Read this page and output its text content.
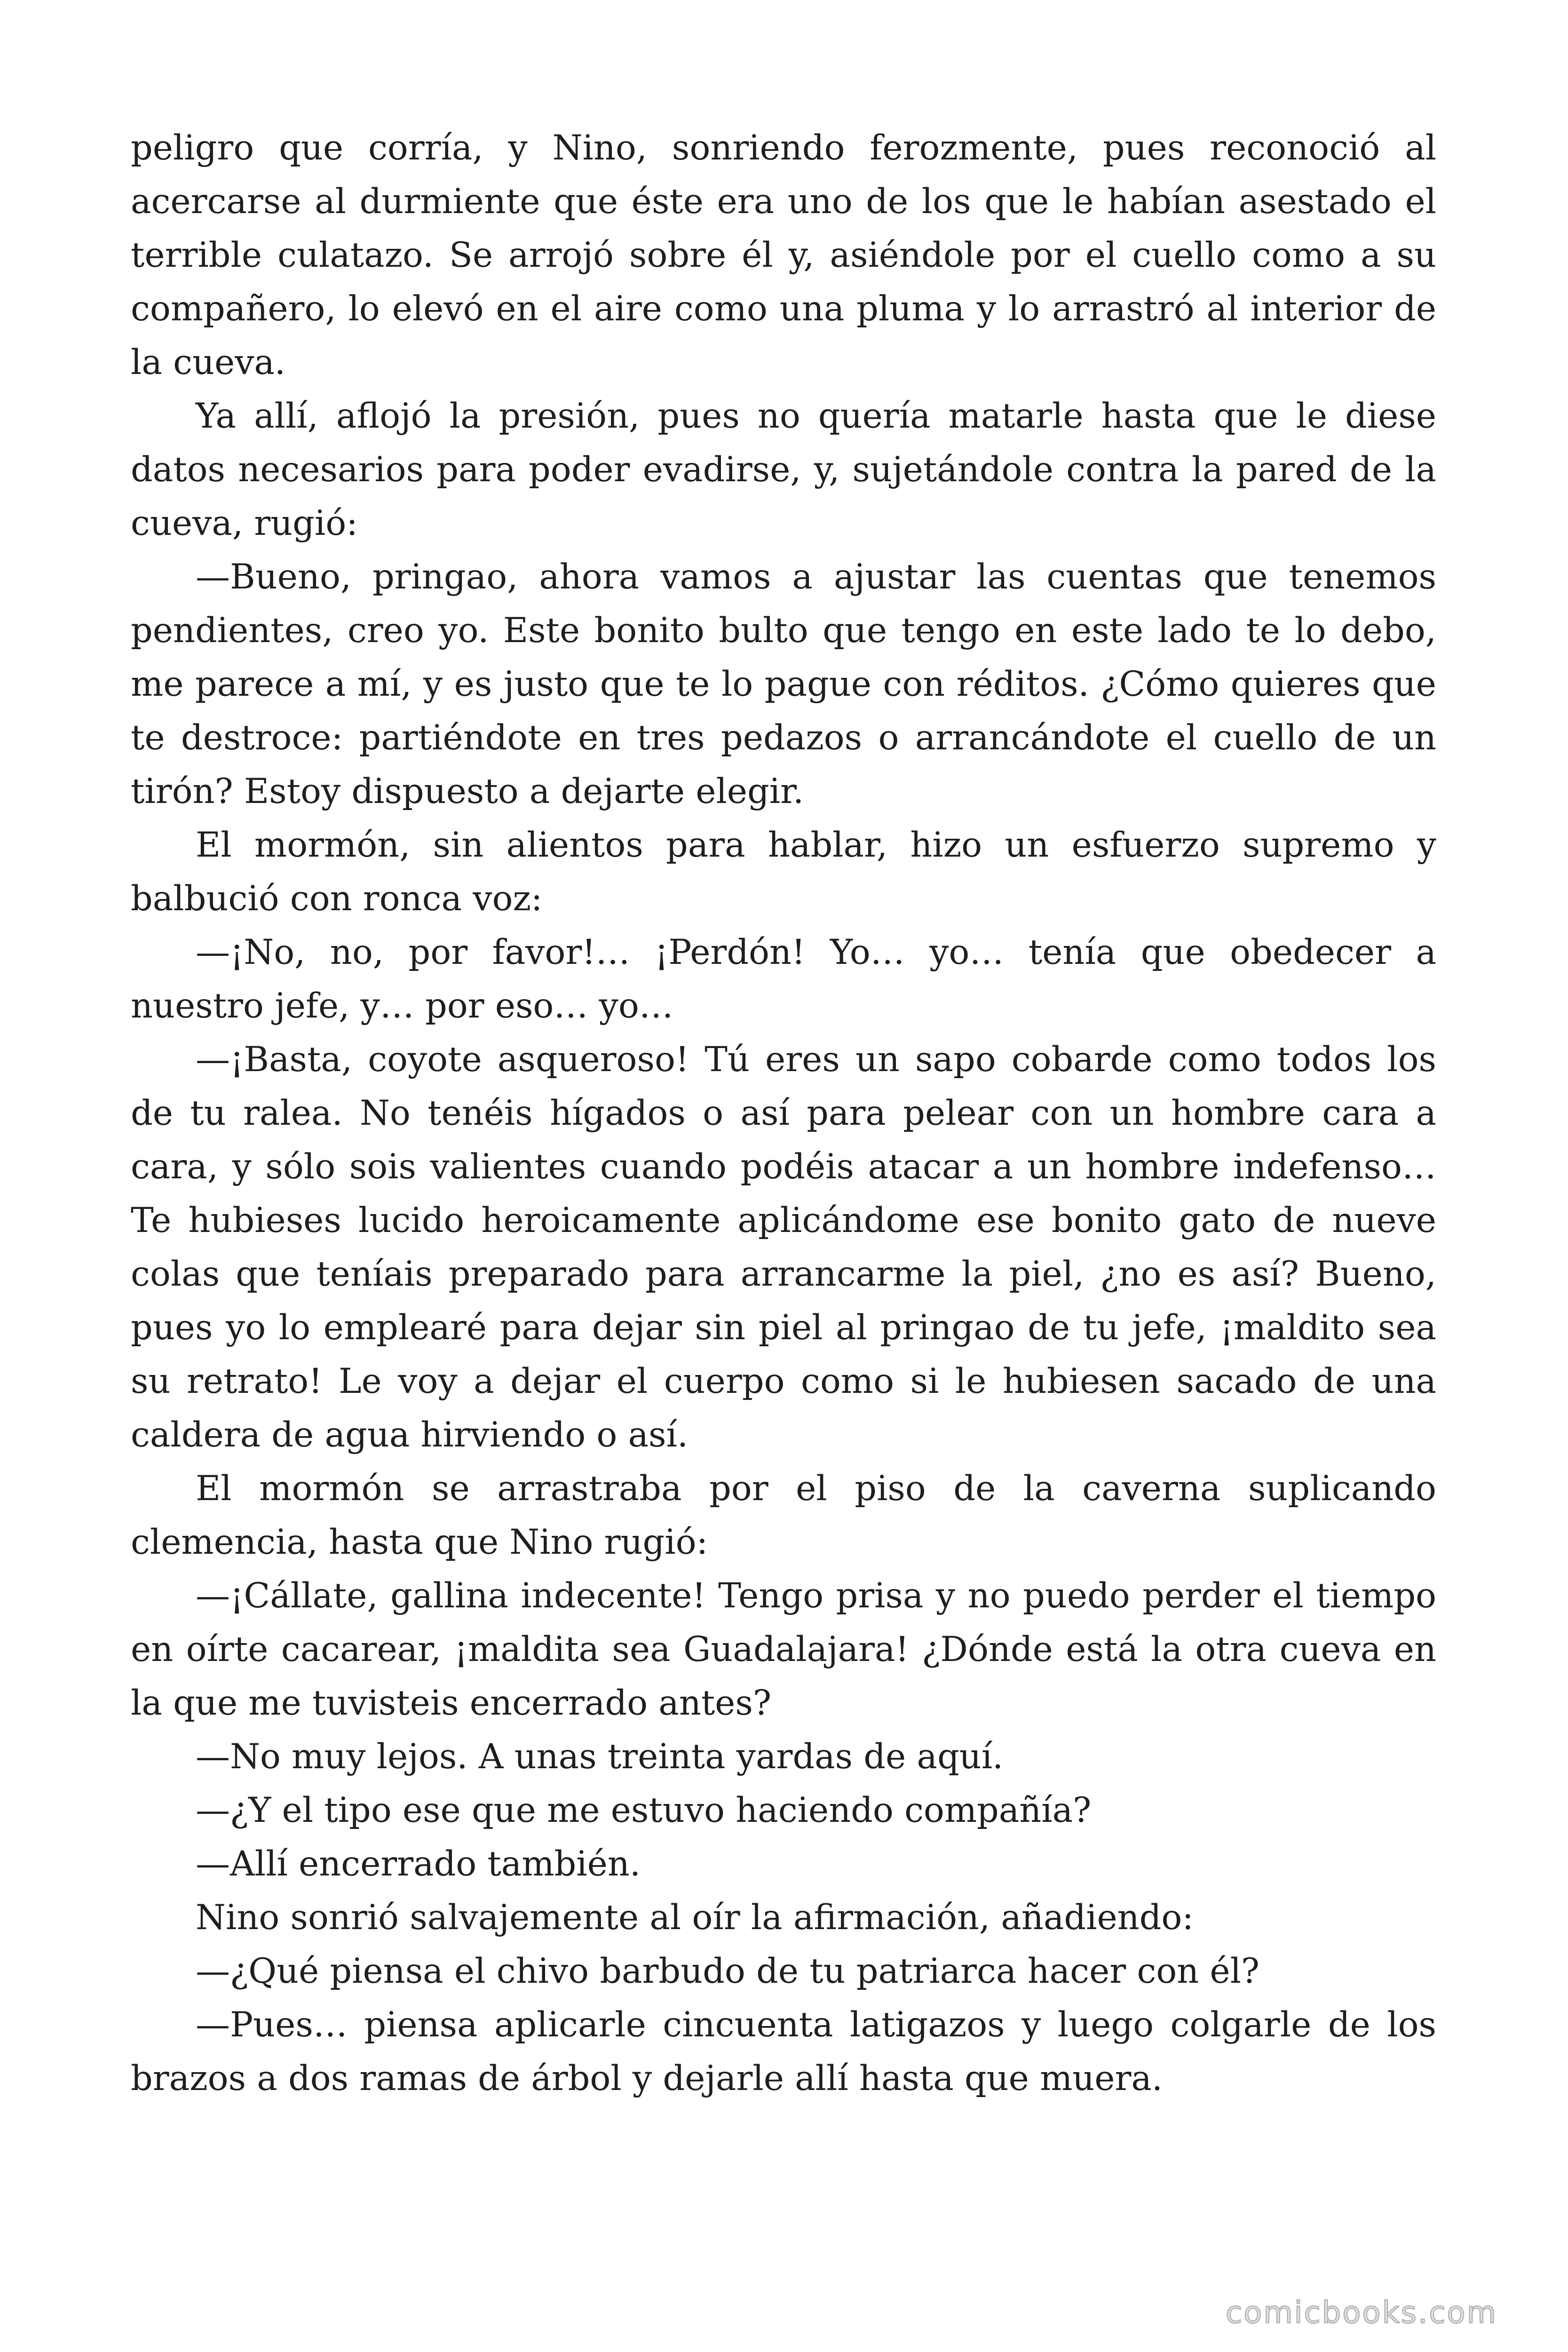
peligro que corría, y Nino, sonriendo ferozmente, pues reconoció al acercarse al durmiente que éste era uno de los que le habían asestado el terrible culatazo. Se arrojó sobre él y, asiéndole por el cuello como a su compañero, lo elevó en el aire como una pluma y lo arrastró al interior de la cueva.

Ya allí, aflojó la presión, pues no quería matarle hasta que le diese datos necesarios para poder evadirse, y, sujetándole contra la pared de la cueva, rugió:

—Bueno, pringao, ahora vamos a ajustar las cuentas que tenemos pendientes, creo yo. Este bonito bulto que tengo en este lado te lo debo, me parece a mí, y es justo que te lo pague con réditos. ¿Cómo quieres que te destroce: partiéndote en tres pedazos o arrancándote el cuello de un tirón? Estoy dispuesto a dejarte elegir.

El mormón, sin alientos para hablar, hizo un esfuerzo supremo y balbució con ronca voz:

—¡No, no, por favor!… ¡Perdón! Yo… yo… tenía que obedecer a nuestro jefe, y… por eso… yo…

—¡Basta, coyote asqueroso! Tú eres un sapo cobarde como todos los de tu ralea. No tenéis hígados o así para pelear con un hombre cara a cara, y sólo sois valientes cuando podéis atacar a un hombre indefenso… Te hubieses lucido heroicamente aplicándome ese bonito gato de nueve colas que teníais preparado para arrancarme la piel, ¿no es así? Bueno, pues yo lo emplearé para dejar sin piel al pringao de tu jefe, ¡maldito sea su retrato! Le voy a dejar el cuerpo como si le hubiesen sacado de una caldera de agua hirviendo o así.

El mormón se arrastraba por el piso de la caverna suplicando clemencia, hasta que Nino rugió:

—¡Cállate, gallina indecente! Tengo prisa y no puedo perder el tiempo en oírte cacarear, ¡maldita sea Guadalajara! ¿Dónde está la otra cueva en la que me tuvisteis encerrado antes?

—No muy lejos. A unas treinta yardas de aquí.

—¿Y el tipo ese que me estuvo haciendo compañía?

—Allí encerrado también.

Nino sonrió salvajemente al oír la afirmación, añadiendo:

—¿Qué piensa el chivo barbudo de tu patriarca hacer con él?

—Pues… piensa aplicarle cincuenta latigazos y luego colgarle de los brazos a dos ramas de árbol y dejarle allí hasta que muera.

comicbooks.com
